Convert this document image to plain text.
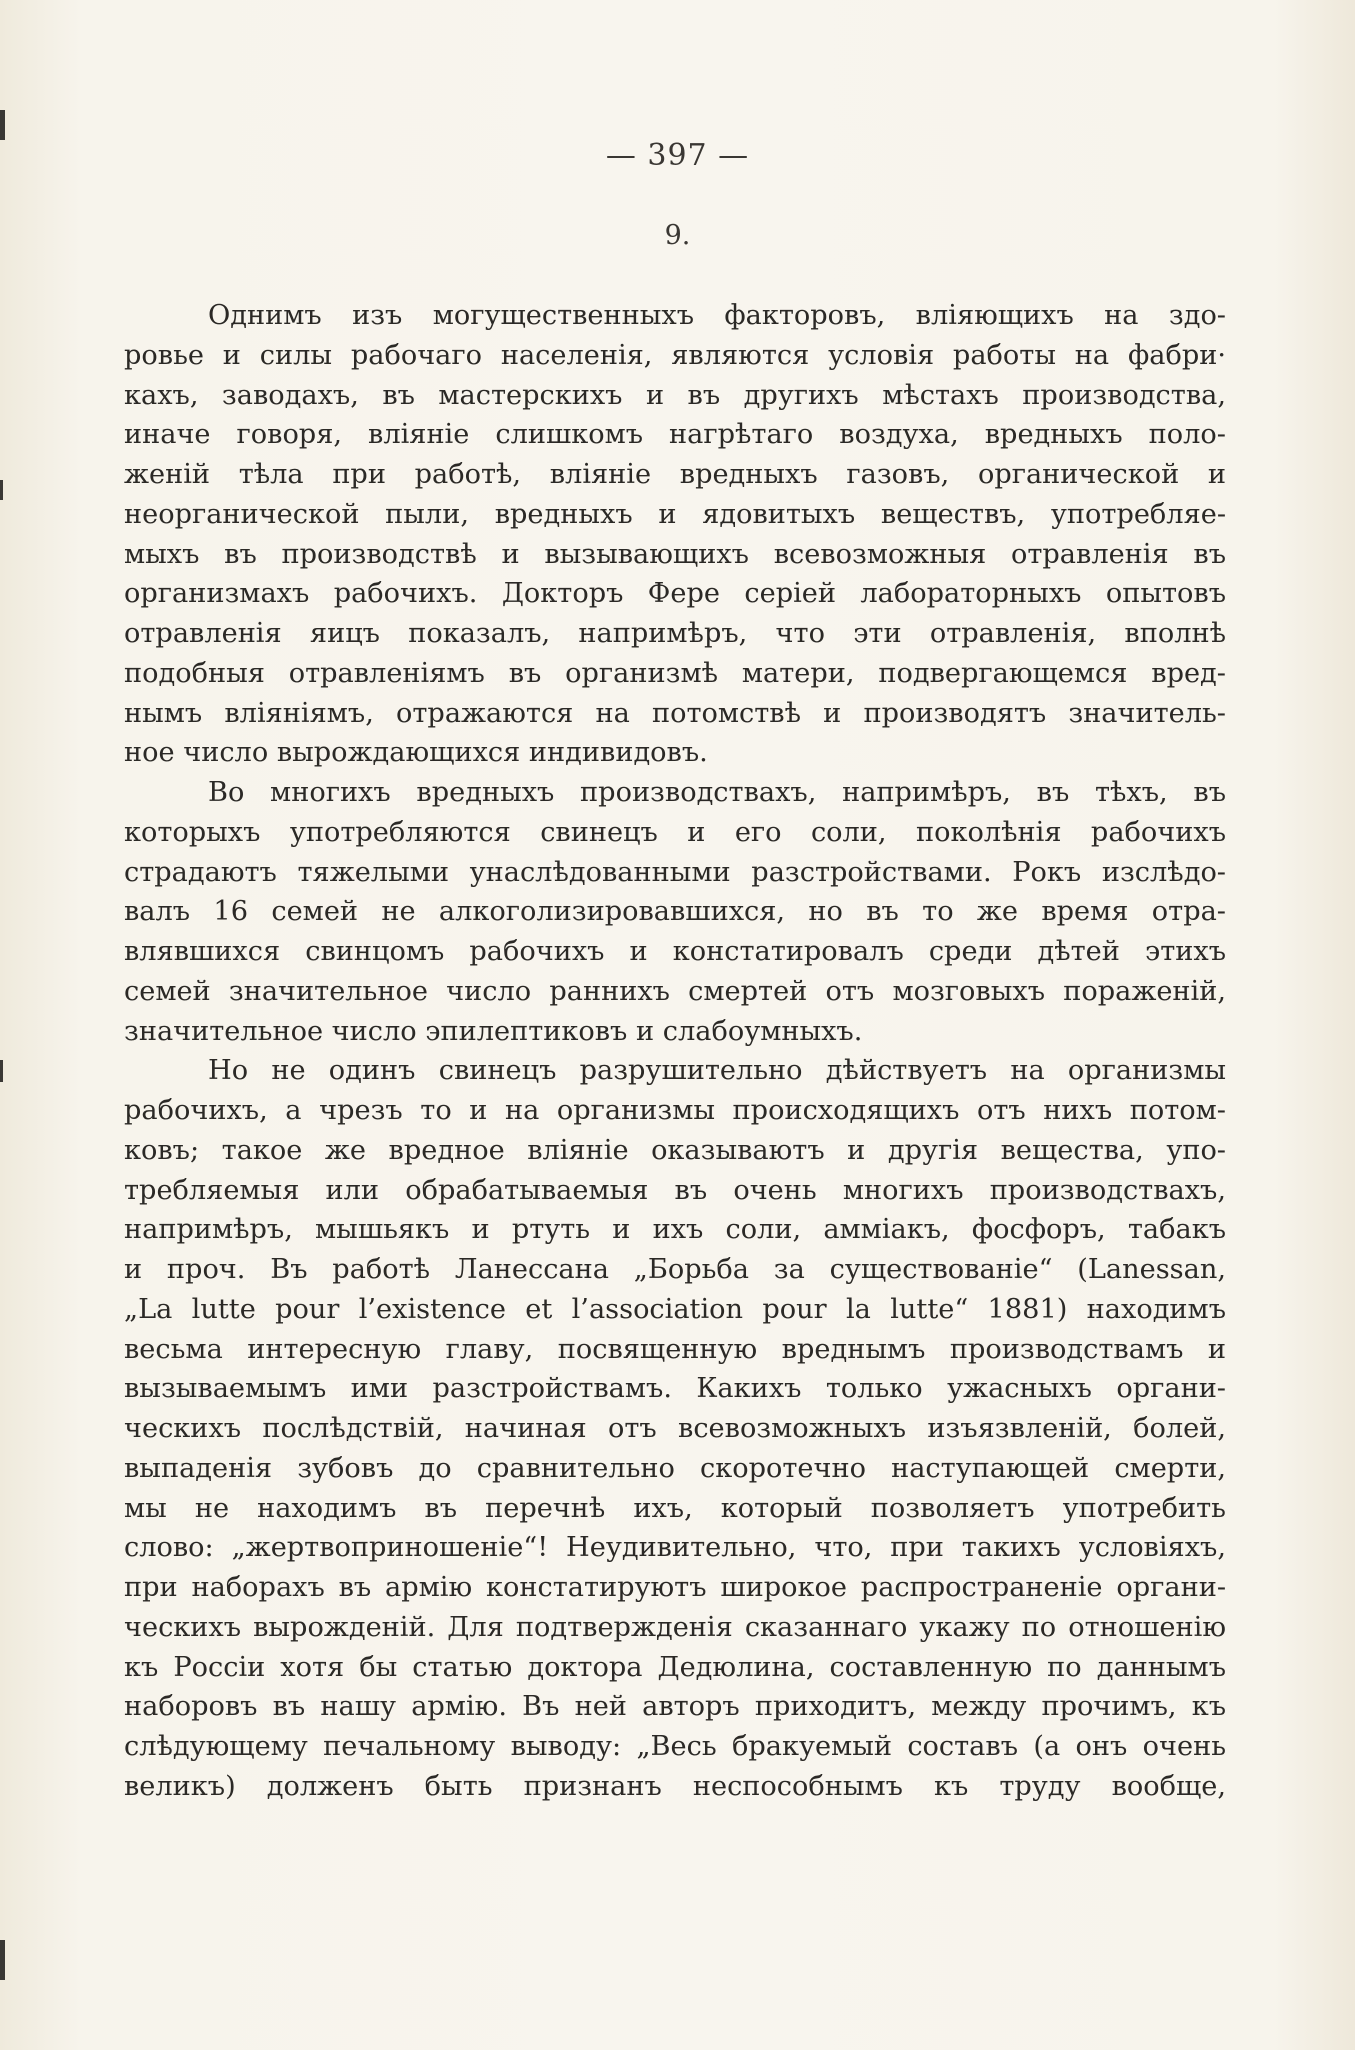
— 397 —
9.
Однимъ изъ могущественныхъ факторовъ, вліяющихъ на здо-
ровье и силы рабочаго населенія, являются условія работы на фабри·
кахъ, заводахъ, въ мастерскихъ и въ другихъ мѣстахъ производства,
иначе говоря, вліяніе слишкомъ нагрѣтаго воздуха, вредныхъ поло-
женій тѣла при работѣ, вліяніе вредныхъ газовъ, органической и
неорганической пыли, вредныхъ и ядовитыхъ веществъ, употребляе-
мыхъ въ производствѣ и вызывающихъ всевозможныя отравленія въ
организмахъ рабочихъ. Докторъ Фере серіей лабораторныхъ опытовъ
отравленія яицъ показалъ, напримѣръ, что эти отравленія, вполнѣ
подобныя отравленіямъ въ организмѣ матери, подвергающемся вред-
нымъ вліяніямъ, отражаются на потомствѣ и производятъ значитель-
ное число вырождающихся индивидовъ.
Во многихъ вредныхъ производствахъ, напримѣръ, въ тѣхъ, въ
которыхъ употребляются свинецъ и его соли, поколѣнія рабочихъ
страдаютъ тяжелыми унаслѣдованными разстройствами. Рокъ изслѣдо-
валъ 16 семей не алкоголизировавшихся, но въ то же время отра-
влявшихся свинцомъ рабочихъ и констатировалъ среди дѣтей этихъ
семей значительное число раннихъ смертей отъ мозговыхъ пораженій,
значительное число эпилептиковъ и слабоумныхъ.
Но не одинъ свинецъ разрушительно дѣйствуетъ на организмы
рабочихъ, а чрезъ то и на организмы происходящихъ отъ нихъ потом-
ковъ; такое же вредное вліяніе оказываютъ и другія вещества, упо-
требляемыя или обрабатываемыя въ очень многихъ производствахъ,
напримѣръ, мышьякъ и ртуть и ихъ соли, аммiакъ, фосфоръ, табакъ
и проч. Въ работѣ Ланессана „Борьба за существованіе“ (Lanessan,
„La lutte pour l’existence et l’association pour la lutte“ 1881) находимъ
весьма интересную главу, посвященную вреднымъ производствамъ и
вызываемымъ ими разстройствамъ. Какихъ только ужасныхъ органи-
ческихъ послѣдствій, начиная отъ всевозможныхъ изъязвленій, болей,
выпаденія зубовъ до сравнительно скоротечно наступающей смерти,
мы не находимъ въ перечнѣ ихъ, который позволяетъ употребить
слово: „жертвоприношеніе“! Неудивительно, что, при такихъ условіяхъ,
при наборахъ въ армію констатируютъ широкое распространеніе органи-
ческихъ вырожденій. Для подтвержденія сказаннаго укажу по отношенію
къ Россіи хотя бы статью доктора Дедюлина, составленную по даннымъ
наборовъ въ нашу армію. Въ ней авторъ приходитъ, между прочимъ, къ
слѣдующему печальному выводу: „Весь бракуемый составъ (а онъ очень
великъ) долженъ быть признанъ неспособнымъ къ труду вообще,
